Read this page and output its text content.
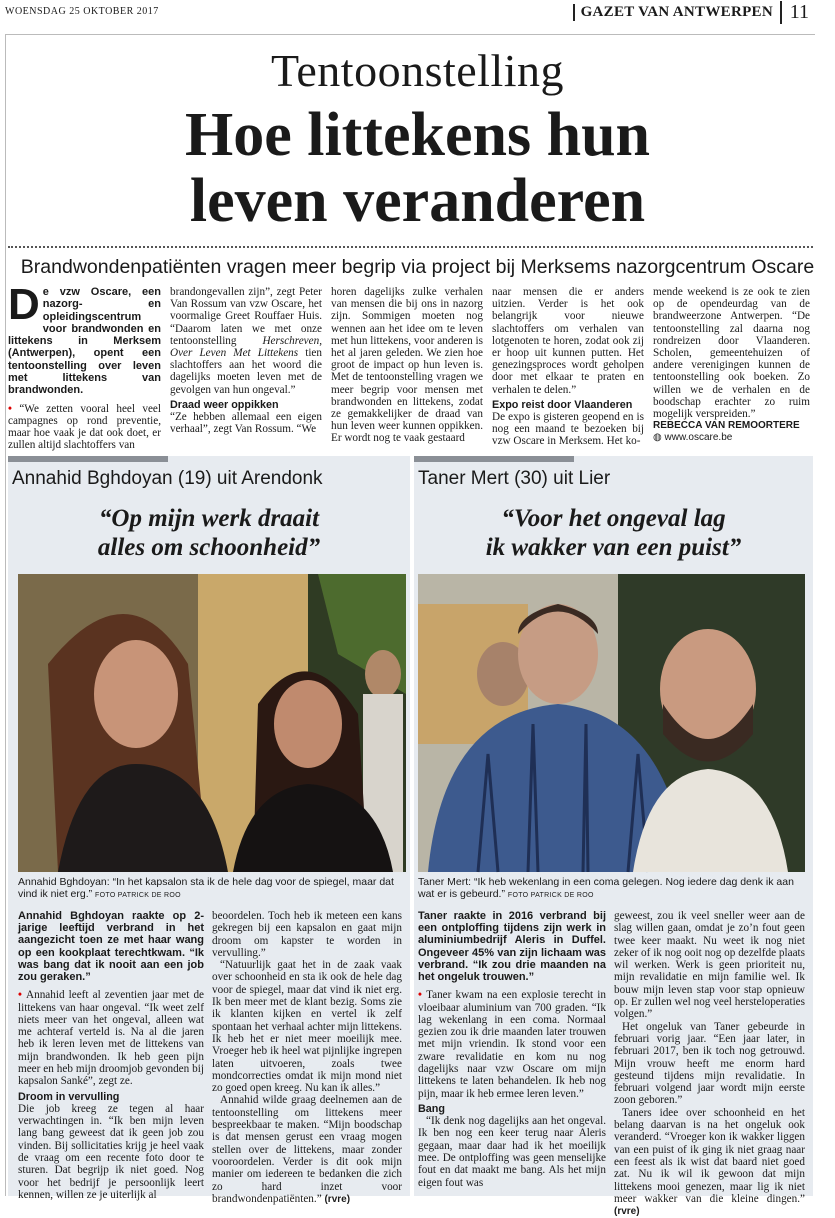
WOENSDAG 25 OKTOBER 2017	GAZET VAN ANTWERPEN 11
Tentoonstelling
Hoe littekens hun
leven veranderen
Brandwondenpatiënten vragen meer begrip via project bij Merksems nazorgcentrum Oscare

De vzw Oscare, een nazorg- en opleidingscentrum voor brandwonden en littekens in Merksem (Antwerpen), opent een tentoonstelling over leven met littekens van brandwonden.

• “We zetten vooral heel veel campagnes op rond preventie, maar hoe vaak je dat ook doet, er zullen altijd slachtoffers van

brandongevallen zijn”, zegt Peter Van Rossum van vzw Oscare, het voormalige Greet Rouffaer Huis. “Daarom laten we met onze tentoonstelling Herschreven, Over Leven Met Littekens tien slachtoffers aan het woord die dagelijks moeten leven met de gevolgen van hun ongeval.”

Draad weer oppikken

“Ze hebben allemaal een eigen verhaal”, zegt Van Rossum. “We

horen dagelijks zulke verhalen van mensen die bij ons in nazorg zijn. Sommigen moeten nog wennen aan het idee om te leven met hun littekens, voor anderen is het al jaren geleden. We zien hoe groot de impact op hun leven is. Met de tentoonstelling vragen we meer begrip voor mensen met brandwonden en littekens, zodat ze gemakkelijker de draad van hun leven weer kunnen oppikken. Er wordt nog te vaak gestaard

naar mensen die er anders uitzien. Verder is het ook belangrijk voor nieuwe slachtoffers om verhalen van lotgenoten te horen, zodat ook zij er hoop uit kunnen putten. Het genezingsproces wordt geholpen door met elkaar te praten en verhalen te delen.”

Expo reist door Vlaanderen

De expo is gisteren geopend en is nog een maand te bezoeken bij vzw Oscare in Merksem. Het ko-

mende weekend is ze ook te zien op de opendeurdag van de brandweerzone Antwerpen. “De tentoonstelling zal daarna nog rondreizen door Vlaanderen. Scholen, gemeentehuizen of andere verenigingen kunnen de tentoonstelling ook boeken. Zo willen we de verhalen en de boodschap erachter zo ruim mogelijk verspreiden.”

REBECCA VAN REMOORTERE

◍ www.oscare.be

Annahid Bghdoyan (19) uit Arendonk
“Op mijn werk draait
alles om schoonheid”
Annahid Bghdoyan: “In het kapsalon sta ik de hele dag voor de spiegel, maar dat vind ik niet erg.” FOTO PATRICK DE ROO

Annahid Bghdoyan raakte op 2-jarige leeftijd verbrand in het aangezicht toen ze met haar wang op een kookplaat terechtkwam. “Ik was bang dat ik nooit aan een job zou geraken.”

• Annahid leeft al zeventien jaar met de littekens van haar ongeval. “Ik weet zelf niets meer van het ongeval, alleen wat me achteraf verteld is. Na al die jaren heb ik leren leven met de littekens van mijn brandwonden. Ik heb geen pijn meer en heb mijn droomjob gevonden bij kapsalon Sanké”, zegt ze.

Droom in vervulling

Die job kreeg ze tegen al haar verwachtingen in. “Ik ben mijn leven lang bang geweest dat ik geen job zou vinden. Bij sollicitaties krijg je heel vaak de vraag om een recente foto door te sturen. Dat begrijp ik niet goed. Nog voor het bedrijf je persoonlijk leert kennen, willen ze je uiterlijk al

beoordelen. Toch heb ik meteen een kans gekregen bij een kapsalon en gaat mijn droom om kapster te worden in vervulling.”

“Natuurlijk gaat het in de zaak vaak over schoonheid en sta ik ook de hele dag voor de spiegel, maar dat vind ik niet erg. Ik ben meer met de klant bezig. Soms zie ik klanten kijken en vertel ik zelf spontaan het verhaal achter mijn littekens. Ik heb het er niet meer moeilijk mee. Vroeger heb ik heel wat pijnlijke ingrepen laten uitvoeren, zoals twee mondcorrecties omdat ik mijn mond niet zo goed open kreeg. Nu kan ik alles.”

Annahid wilde graag deelnemen aan de tentoonstelling om littekens meer bespreekbaar te maken. “Mijn boodschap is dat mensen gerust een vraag mogen stellen over de littekens, maar zonder vooroordelen. Verder is dit ook mijn manier om iedereen te bedanken die zich zo hard inzet voor brandwondenpatiënten.” (rvre)

Taner Mert (30) uit Lier
“Voor het ongeval lag
ik wakker van een puist”
Taner Mert: “Ik heb wekenlang in een coma gelegen. Nog iedere dag denk ik aan wat er is gebeurd.” FOTO PATRICK DE ROO

Taner raakte in 2016 verbrand bij een ontploffing tijdens zijn werk in aluminiumbedrijf Aleris in Duffel. Ongeveer 45% van zijn lichaam was verbrand. “Ik zou drie maanden na het ongeluk trouwen.”

• Taner kwam na een explosie terecht in vloeibaar aluminium van 700 graden. “Ik lag wekenlang in een coma. Normaal gezien zou ik drie maanden later trouwen met mijn vriendin. Ik stond voor een zware revalidatie en kom nu nog dagelijks naar vzw Oscare om mijn littekens te laten behandelen. Ik heb nog pijn, maar ik heb ermee leren leven.”

Bang

“Ik denk nog dagelijks aan het ongeval. Ik ben nog een keer terug naar Aleris gegaan, maar daar had ik het moeilijk mee. De ontploffing was geen menselijke fout en dat maakt me bang. Als het mijn eigen fout was

geweest, zou ik veel sneller weer aan de slag willen gaan, omdat je zo’n fout geen twee keer maakt. Nu weet ik nog niet zeker of ik nog ooit nog op dezelfde plaats wil werken. Werk is geen prioriteit nu, mijn revalidatie en mijn familie wel. Ik bouw mijn leven stap voor stap opnieuw op. Er zullen wel nog veel hersteloperaties volgen.”

Het ongeluk van Taner gebeurde in februari vorig jaar. “Een jaar later, in februari 2017, ben ik toch nog getrouwd. Mijn vrouw heeft me enorm hard gesteund tijdens mijn revalidatie. In februari volgend jaar wordt mijn eerste zoon geboren.”

Taners idee over schoonheid en het belang daarvan is na het ongeluk ook veranderd. “Vroeger kon ik wakker liggen van een puist of ik ging ik niet graag naar een feest als ik wist dat baard niet goed zat. Nu ik wil ik gewoon dat mijn littekens mooi genezen, maar lig ik niet meer wakker van die kleine dingen.” (rvre)
